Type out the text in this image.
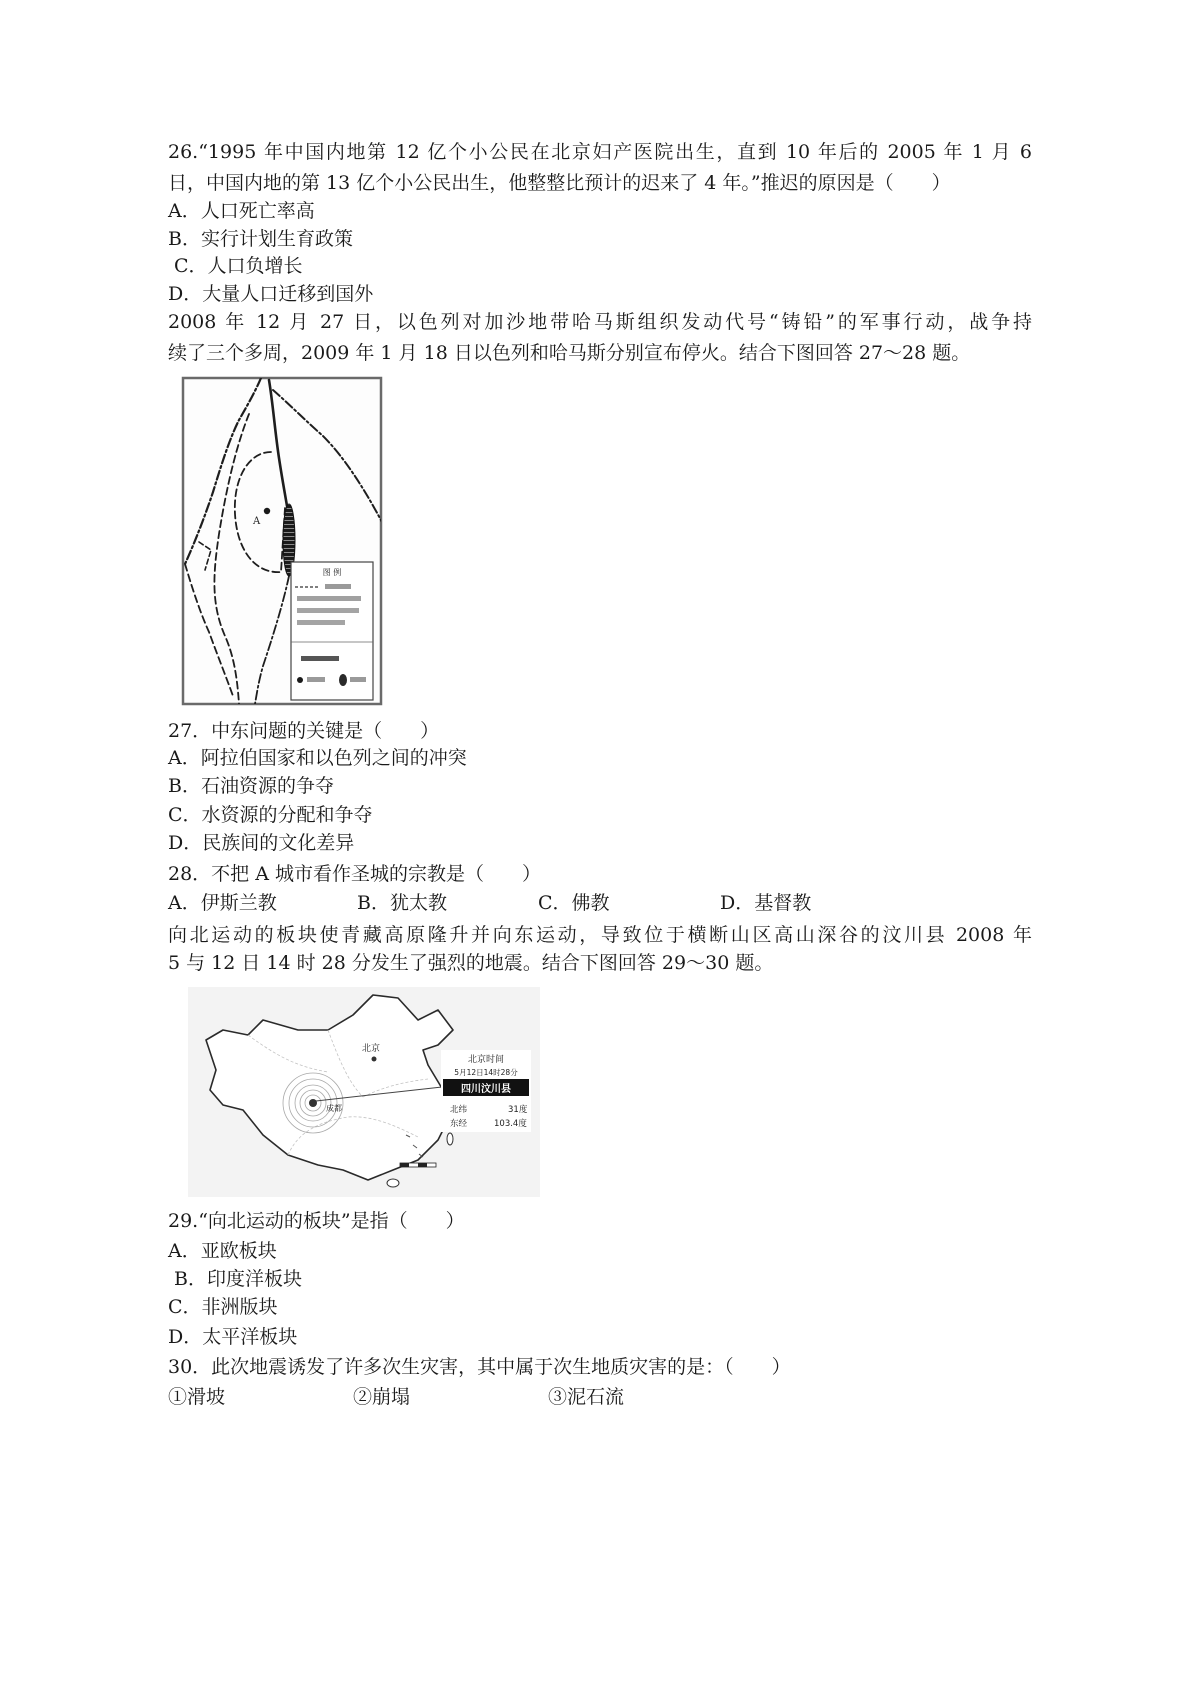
26.“1995 年中国内地第 12 亿个小公民在北京妇产医院出生，直到 10 年后的 2005 年 1 月 6
日，中国内地的第 13 亿个小公民出生，他整整比预计的迟来了 4 年。”推迟的原因是（　　）
A．人口死亡率高
B．实行计划生育政策
C．人口负增长
D．大量人口迁移到国外
2008 年 12 月 27 日，以色列对加沙地带哈马斯组织发动代号“铸铅”的军事行动，战争持
续了三个多周，2009 年 1 月 18 日以色列和哈马斯分别宣布停火。结合下图回答 27～28 题。
A
图 例
27．中东问题的关键是（　　）
A．阿拉伯国家和以色列之间的冲突
B．石油资源的争夺
C．水资源的分配和争夺
D．民族间的文化差异
28．不把 A 城市看作圣城的宗教是（　　）
A．伊斯兰教	B．犹太教	C．佛教	D．基督教
向北运动的板块使青藏高原隆升并向东运动，导致位于横断山区高山深谷的汶川县 2008 年
5 与 12 日 14 时 28 分发生了强烈的地震。结合下图回答 29～30 题。
成都
北京
北京时间
5月12日14时28分
四川汶川县
北纬	31度
东经	103.4度
29.“向北运动的板块”是指（　　）
A．亚欧板块
B．印度洋板块
C．非洲版块
D．太平洋板块
30．此次地震诱发了许多次生灾害，其中属于次生地质灾害的是：（　　）
①滑坡	②崩塌	③泥石流
